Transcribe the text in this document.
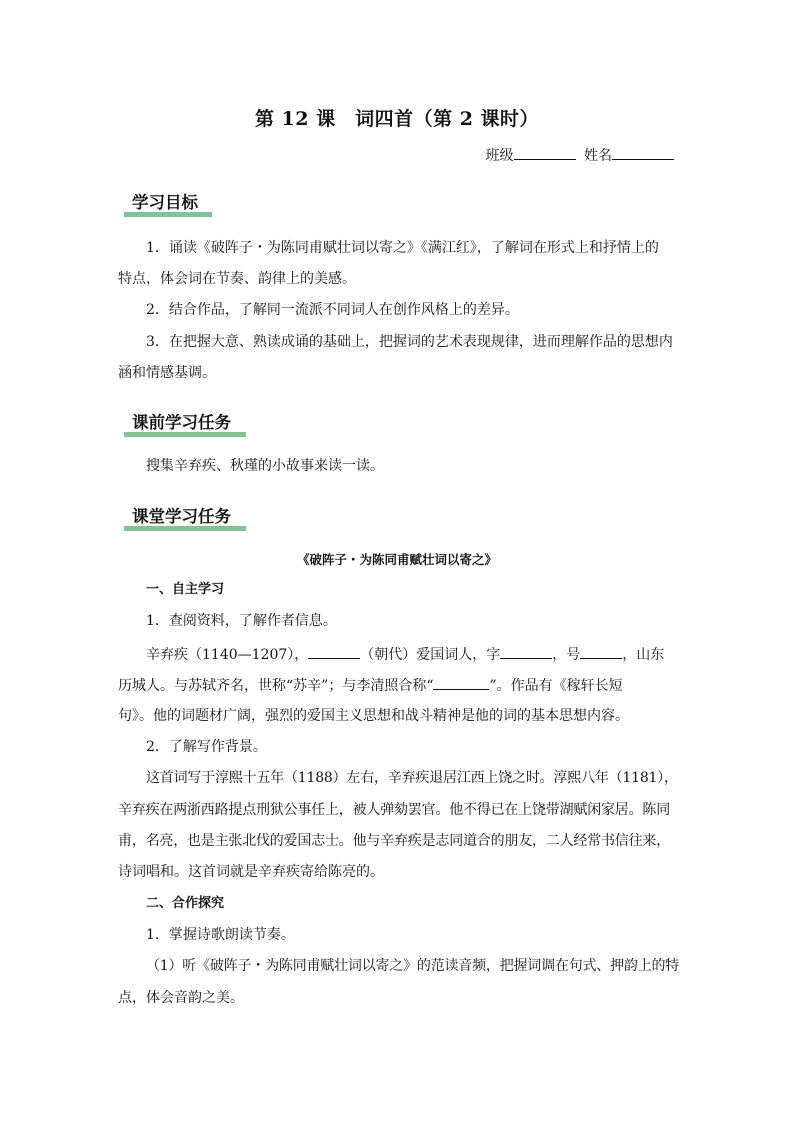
第 12 课　词四首（第 2 课时）
班级	姓名
学习目标
1．诵读《破阵子・为陈同甫赋壮词以寄之》《满江红》，了解词在形式上和抒情上的
特点，体会词在节奏、韵律上的美感。
2．结合作品，了解同一流派不同词人在创作风格上的差异。
3．在把握大意、熟读成诵的基础上，把握词的艺术表现规律，进而理解作品的思想内
涵和情感基调。
课前学习任务
搜集辛弃疾、秋瑾的小故事来读一读。
课堂学习任务
《破阵子・为陈同甫赋壮词以寄之》
一、自主学习
1．查阅资料，了解作者信息。
辛弃疾（1140—1207），	（朝代）爱国词人，字	，号	，山东
历城人。与苏轼齐名，世称“苏辛”；与李清照合称“	”。作品有《稼轩长短
句》。他的词题材广阔，强烈的爱国主义思想和战斗精神是他的词的基本思想内容。
2．了解写作背景。
这首词写于淳熙十五年（1188）左右，辛弃疾退居江西上饶之时。淳熙八年（1181），
辛弃疾在两浙西路提点刑狱公事任上，被人弹劾罢官。他不得已在上饶带湖赋闲家居。陈同
甫，名亮，也是主张北伐的爱国志士。他与辛弃疾是志同道合的朋友，二人经常书信往来，
诗词唱和。这首词就是辛弃疾寄给陈亮的。
二、合作探究
1．掌握诗歌朗读节奏。
（1）听《破阵子・为陈同甫赋壮词以寄之》的范读音频，把握词调在句式、押韵上的特
点，体会音韵之美。
